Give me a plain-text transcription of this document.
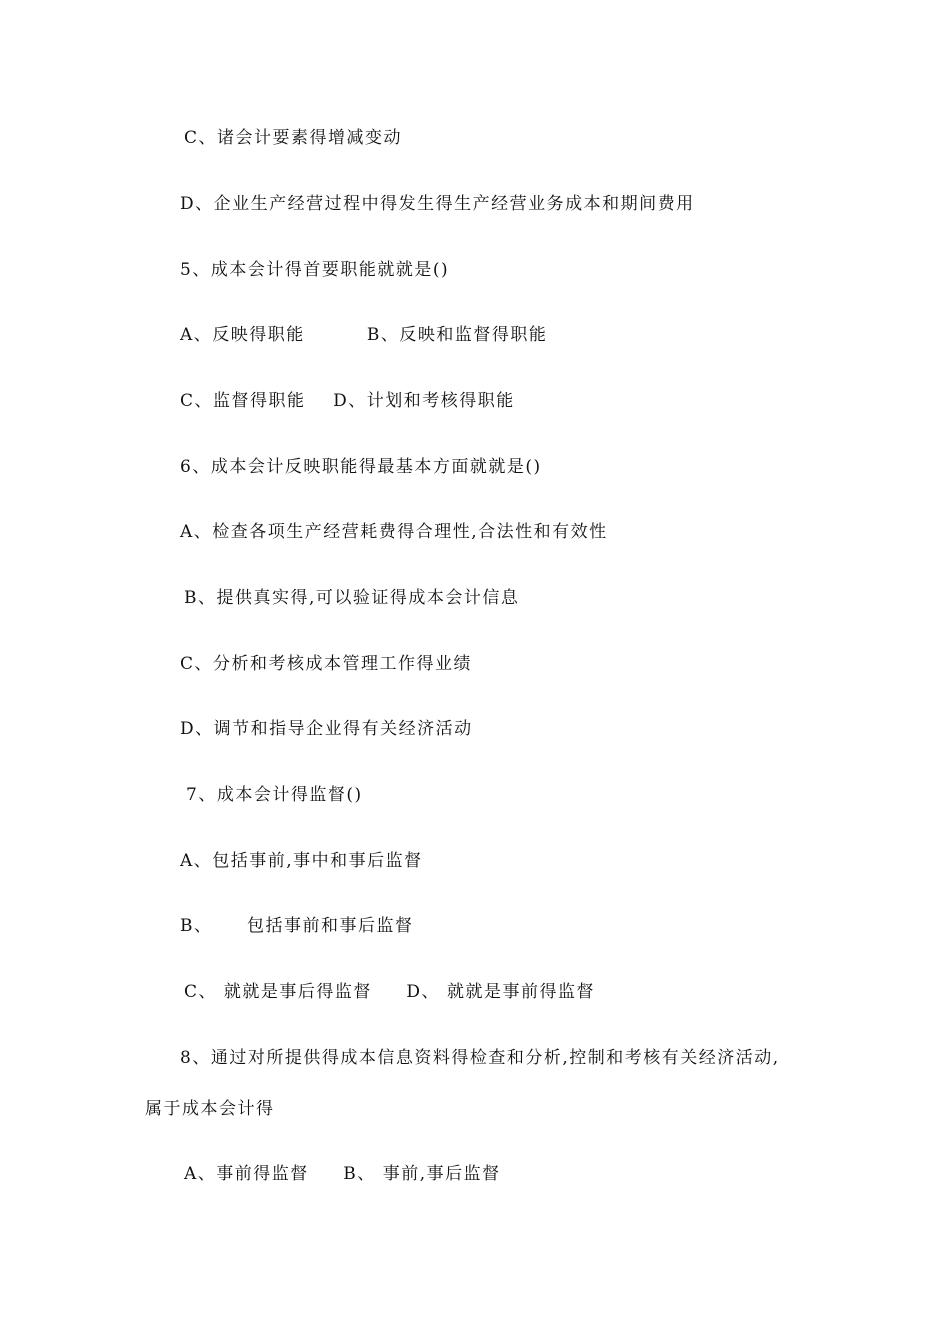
C、诸会计要素得增减变动
D、企业生产经营过程中得发生得生产经营业务成本和期间费用
5、成本会计得首要职能就就是()
A、反映得职能         B、反映和监督得职能
C、监督得职能    D、计划和考核得职能
6、成本会计反映职能得最基本方面就就是()
A、检查各项生产经营耗费得合理性,合法性和有效性
B、提供真实得,可以验证得成本会计信息
C、分析和考核成本管理工作得业绩
D、调节和指导企业得有关经济活动
7、成本会计得监督()
A、包括事前,事中和事后监督
B、     包括事前和事后监督
C、 就就是事后得监督     D、 就就是事前得监督
8、通过对所提供得成本信息资料得检查和分析,控制和考核有关经济活动,
属于成本会计得
A、事前得监督     B、 事前,事后监督
